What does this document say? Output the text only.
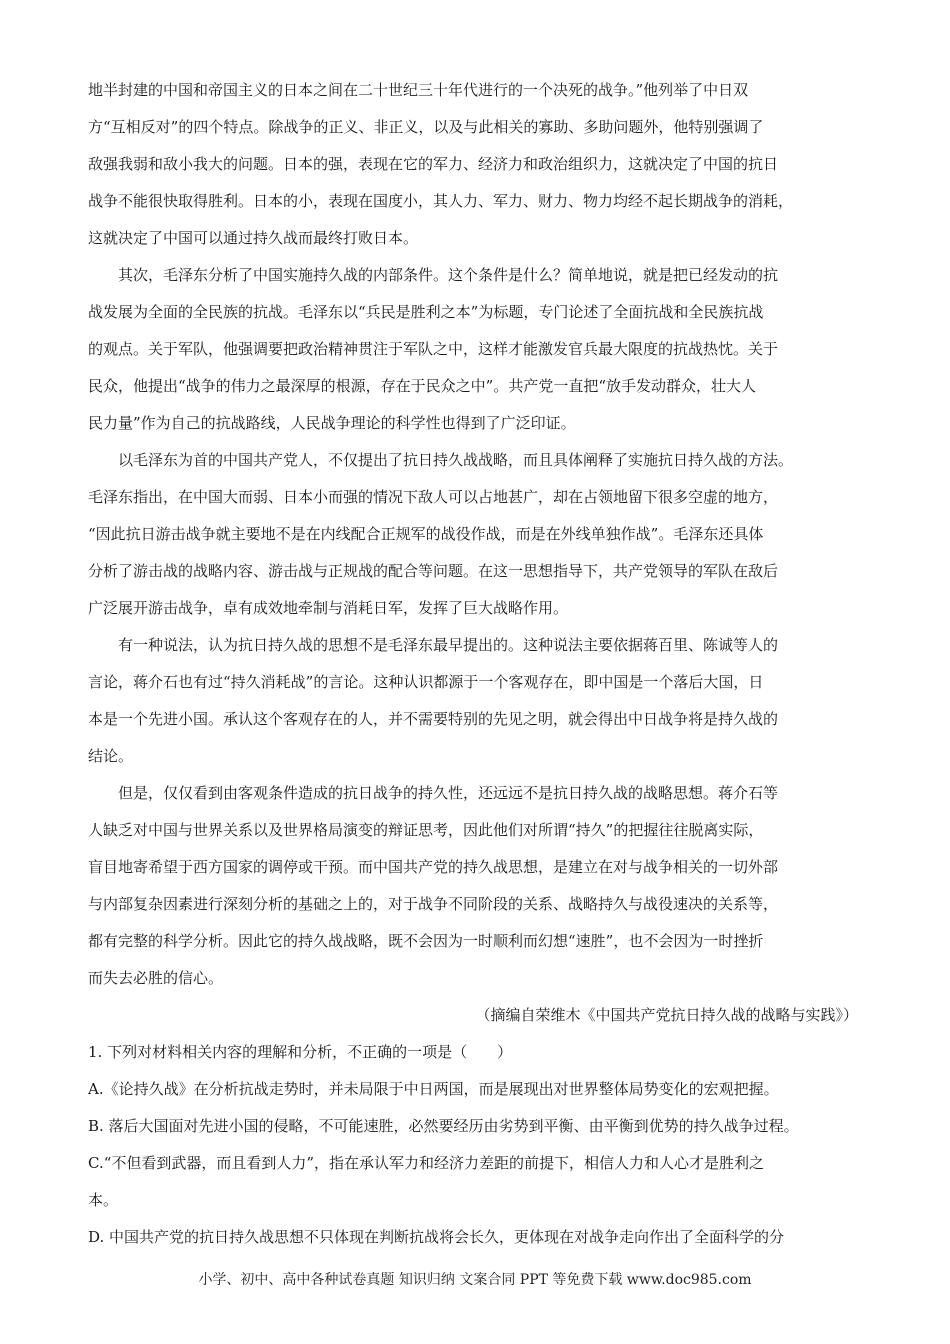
地半封建的中国和帝国主义的日本之间在二十世纪三十年代进行的一个决死的战争。”他列举了中日双
方“互相反对”的四个特点。除战争的正义、非正义，以及与此相关的寡助、多助问题外，他特别强调了
敌强我弱和敌小我大的问题。日本的强，表现在它的军力、经济力和政治组织力，这就决定了中国的抗日
战争不能很快取得胜利。日本的小，表现在国度小，其人力、军力、财力、物力均经不起长期战争的消耗，
这就决定了中国可以通过持久战而最终打败日本。
其次，毛泽东分析了中国实施持久战的内部条件。这个条件是什么？简单地说，就是把已经发动的抗
战发展为全面的全民族的抗战。毛泽东以“兵民是胜利之本”为标题，专门论述了全面抗战和全民族抗战
的观点。关于军队，他强调要把政治精神贯注于军队之中，这样才能激发官兵最大限度的抗战热忱。关于
民众，他提出“战争的伟力之最深厚的根源，存在于民众之中”。共产党一直把“放手发动群众，壮大人
民力量”作为自己的抗战路线，人民战争理论的科学性也得到了广泛印证。
以毛泽东为首的中国共产党人，不仅提出了抗日持久战战略，而且具体阐释了实施抗日持久战的方法。
毛泽东指出，在中国大而弱、日本小而强的情况下敌人可以占地甚广，却在占领地留下很多空虚的地方，
“因此抗日游击战争就主要地不是在内线配合正规军的战役作战，而是在外线单独作战”。毛泽东还具体
分析了游击战的战略内容、游击战与正规战的配合等问题。在这一思想指导下，共产党领导的军队在敌后
广泛展开游击战争，卓有成效地牵制与消耗日军，发挥了巨大战略作用。
有一种说法，认为抗日持久战的思想不是毛泽东最早提出的。这种说法主要依据蒋百里、陈诚等人的
言论，蒋介石也有过“持久消耗战”的言论。这种认识都源于一个客观存在，即中国是一个落后大国，日
本是一个先进小国。承认这个客观存在的人，并不需要特别的先见之明，就会得出中日战争将是持久战的
结论。
但是，仅仅看到由客观条件造成的抗日战争的持久性，还远远不是抗日持久战的战略思想。蒋介石等
人缺乏对中国与世界关系以及世界格局演变的辩证思考，因此他们对所谓“持久”的把握往往脱离实际，
盲目地寄希望于西方国家的调停或干预。而中国共产党的持久战思想，是建立在对与战争相关的一切外部
与内部复杂因素进行深刻分析的基础之上的，对于战争不同阶段的关系、战略持久与战役速决的关系等，
都有完整的科学分析。因此它的持久战战略，既不会因为一时顺利而幻想“速胜”，也不会因为一时挫折
而失去必胜的信心。
（摘编自荣维木《中国共产党抗日持久战的战略与实践》）
1. 下列对材料相关内容的理解和分析，不正确的一项是（　　）
A.《论持久战》在分析抗战走势时，并未局限于中日两国，而是展现出对世界整体局势变化的宏观把握。
B. 落后大国面对先进小国的侵略，不可能速胜，必然要经历由劣势到平衡、由平衡到优势的持久战争过程。
C.“不但看到武器，而且看到人力”，指在承认军力和经济力差距的前提下，相信人力和人心才是胜利之
本。
D. 中国共产党的抗日持久战思想不只体现在判断抗战将会长久，更体现在对战争走向作出了全面科学的分
小学、初中、高中各种试卷真题 知识归纳 文案合同 PPT 等免费下载 www.doc985.com
